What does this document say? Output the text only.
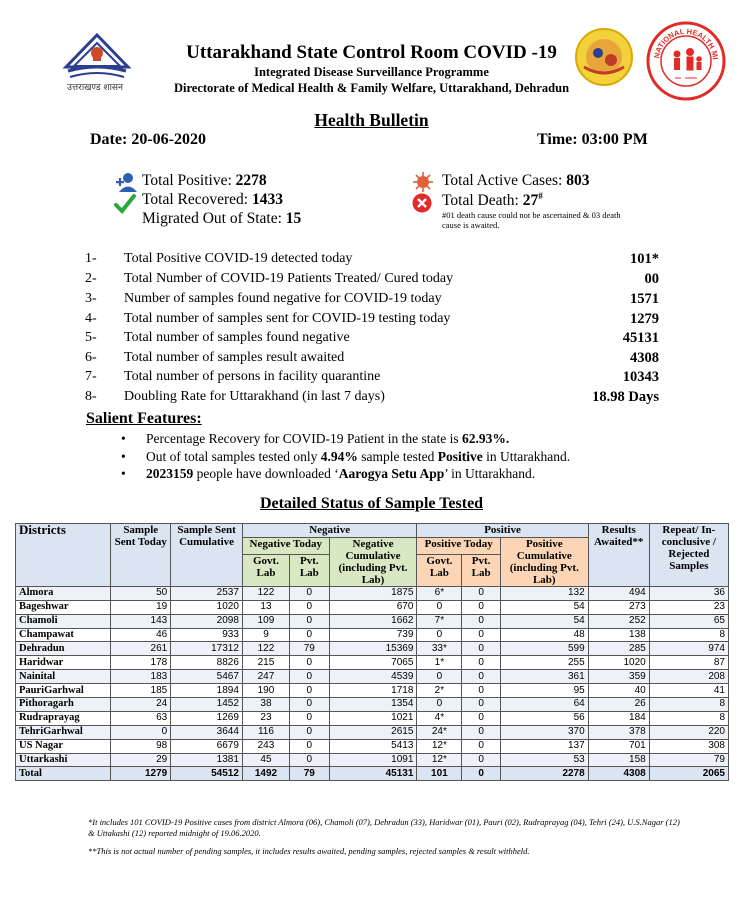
उत्तराखण्ड शासन
Uttarakhand State Control Room COVID -19
Integrated Disease Surveillance Programme
Directorate of Medical Health & Family Welfare, Uttarakhand, Dehradun
NATIONAL HEALTH MI
Health Bulletin
Date: 20-06-2020	Time: 03:00 PM
Total Positive: 2278
Total Recovered: 1433
Migrated Out of State: 15
Total Active Cases: 803
Total Death: 27#
#01 death cause could not be ascertained & 03 death cause is awaited.
1- Total Positive COVID-19 detected today	101*
2- Total Number of COVID-19 Patients Treated/ Cured today	00
3- Number of samples found negative for COVID-19 today	1571
4- Total number of samples sent for COVID-19 testing today	1279
5- Total number of samples found negative	45131
6- Total number of samples result awaited	4308
7- Total number of persons in facility quarantine	10343
8- Doubling Rate for Uttarakhand (in last 7 days)	18.98 Days
Salient Features:
• Percentage Recovery for COVID-19 Patient in the state is 62.93%.
• Out of total samples tested only 4.94% sample tested Positive in Uttarakhand.
• 2023159 people have downloaded ‘Aarogya Setu App’ in Uttarakhand.
Detailed Status of Sample Tested
Districts	Sample Sent Today	Sample Sent Cumulative	Negative			Positive			Results Awaited**	Repeat/ In-conclusive / Rejected Samples
			Negative Today		Negative Cumulative (including Pvt. Lab)	Positive Today		Positive Cumulative (including Pvt. Lab)		
			Govt. Lab	Pvt. Lab		Govt. Lab	Pvt. Lab			
Almora	50	2537	122	0	1875	6*	0	132	494	36
Bageshwar	19	1020	13	0	670	0	0	54	273	23
Chamoli	143	2098	109	0	1662	7*	0	54	252	65
Champawat	46	933	9	0	739	0	0	48	138	8
Dehradun	261	17312	122	79	15369	33*	0	599	285	974
Haridwar	178	8826	215	0	7065	1*	0	255	1020	87
Nainital	183	5467	247	0	4539	0	0	361	359	208
PauriGarhwal	185	1894	190	0	1718	2*	0	95	40	41
Pithoragarh	24	1452	38	0	1354	0	0	64	26	8
Rudraprayag	63	1269	23	0	1021	4*	0	56	184	8
TehriGarhwal	0	3644	116	0	2615	24*	0	370	378	220
US Nagar	98	6679	243	0	5413	12*	0	137	701	308
Uttarkashi	29	1381	45	0	1091	12*	0	53	158	79
Total	1279	54512	1492	79	45131	101	0	2278	4308	2065
*It includes 101 COVID-19 Positive cases from district Almora (06), Chamoli (07), Dehradun (33), Haridwar (01), Pauri (02), Rudraprayag (04), Tehri (24), U.S.Nagar (12) & Uttakashi (12) reported midnight of 19.06.2020.
**This is not actual number of pending samples, it includes results awaited, pending samples, rejected samples & result withheld.
